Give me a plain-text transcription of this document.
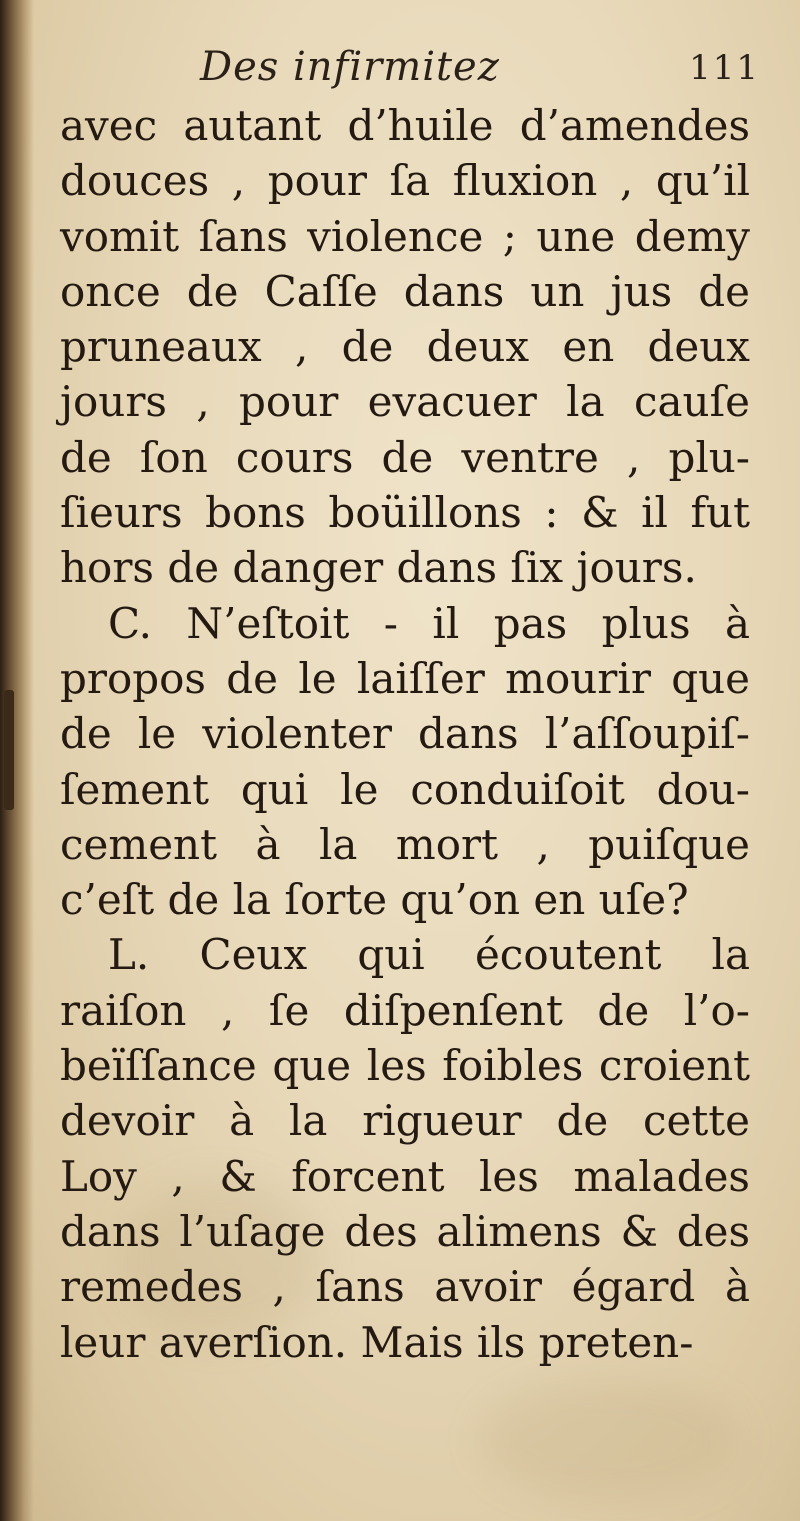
Des infirmitez	111
avec autant d’huile d’amendes
douces , pour ſa fluxion , qu’il
vomit ſans violence ; une demy
once de Caſſe dans un jus de
pruneaux , de deux en deux
jours , pour evacuer la cauſe
de ſon cours de ventre , plu-
ſieurs bons boüillons : & il fut
hors de danger dans ſix jours.
C. N’eſtoit - il pas plus à
propos de le laiſſer mourir que
de le violenter dans l’aſſoupiſ-
ſement qui le conduiſoit dou-
cement à la mort , puiſque
c’eſt de la ſorte qu’on en uſe?
L. Ceux qui écoutent la
raiſon , ſe diſpenſent de l’o-
beïſſance que les foibles croient
devoir à la rigueur de cette
Loy , & forcent les malades
dans l’uſage des alimens & des
remedes , ſans avoir égard à
leur averſion. Mais ils preten-
